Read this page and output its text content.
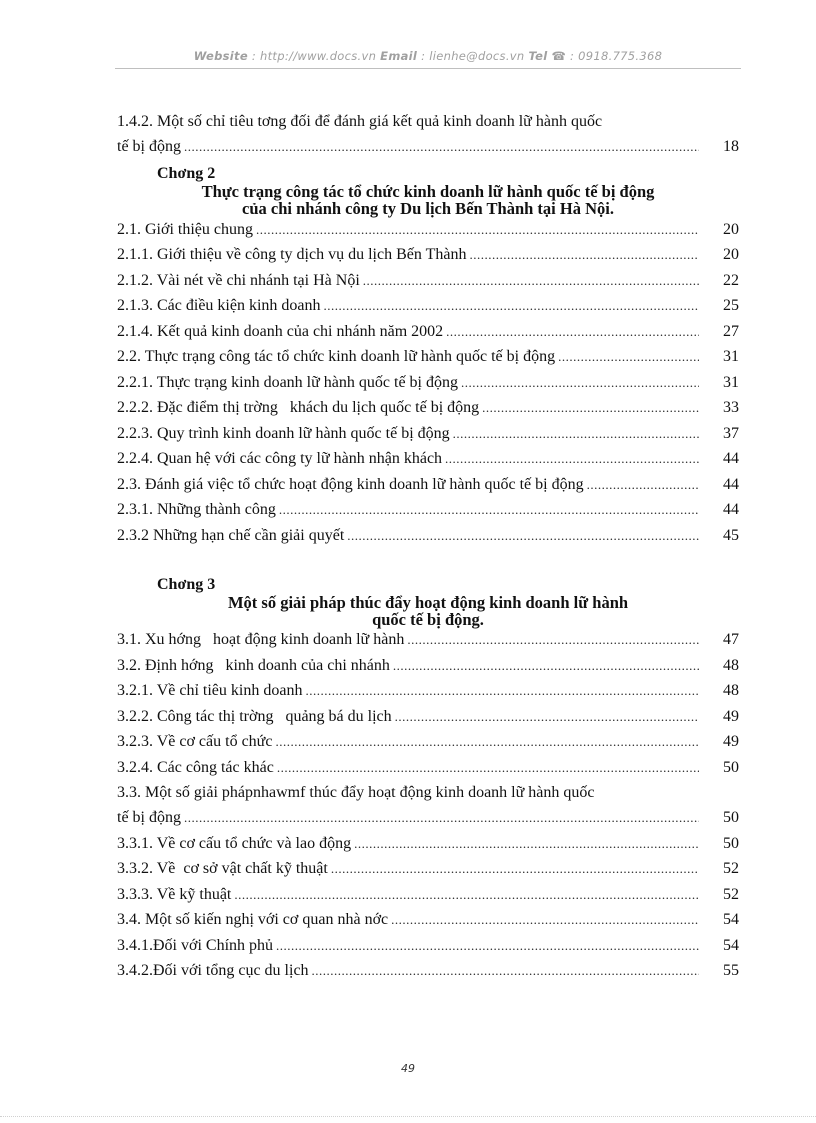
Website : http://www.docs.vn Email : lienhe@docs.vn Tel ☎ : 0918.775.368
1.4.2. Một số chỉ tiêu tơng đối để đánh giá kết quả kinh doanh lữ hành quốc
tế bị động .....	18
Chơng 2
Thực trạng công tác tổ chức kinh doanh lữ hành quốc tế bị động
của chi nhánh công ty Du lịch Bến Thành tại Hà Nội.
2.1. Giới thiệu chung .....	20
2.1.1. Giới thiệu về công ty dịch vụ du lịch Bến Thành .....	20
2.1.2. Vài nét về chi nhánh tại Hà Nội .....	22
2.1.3. Các điều kiện kinh doanh .....	25
2.1.4. Kết quả kinh doanh của chi nhánh năm 2002 .....	27
2.2. Thực trạng công tác tổ chức kinh doanh lữ hành quốc tế bị động .....	31
2.2.1. Thực trạng kinh doanh lữ hành quốc tế bị động .....	31
2.2.2. Đặc điểm thị trờng   khách du lịch quốc tế bị động .....	33
2.2.3. Quy trình kinh doanh lữ hành quốc tế bị động .....	37
2.2.4. Quan hệ với các công ty lữ hành nhận khách .....	44
2.3. Đánh giá việc tổ chức hoạt động kinh doanh lữ hành quốc tế bị động .....	44
2.3.1. Những thành công .....	44
2.3.2 Những hạn chế cần giải quyết .....	45
Chơng 3
Một số giải pháp thúc đẩy hoạt động kinh doanh lữ hành
quốc tế bị động.
3.1. Xu hớng   hoạt động kinh doanh lữ hành .....	47
3.2. Định hớng   kinh doanh của chi nhánh .....	48
3.2.1. Về chỉ tiêu kinh doanh .....	48
3.2.2. Công tác thị trờng   quảng bá du lịch .....	49
3.2.3. Về cơ cấu tổ chức .....	49
3.2.4. Các công tác khác .....	50
3.3. Một số giải phápnhawmf thúc đẩy hoạt động kinh doanh lữ hành quốc
tế bị động .....	50
3.3.1. Về cơ cấu tổ chức và lao động .....	50
3.3.2. Về  cơ sở vật chất kỹ thuật .....	52
3.3.3. Về kỹ thuật .....	52
3.4. Một số kiến nghị với cơ quan nhà nớc .....	54
3.4.1.Đối với Chính phủ .....	54
3.4.2.Đối với tổng cục du lịch .....	55
49
